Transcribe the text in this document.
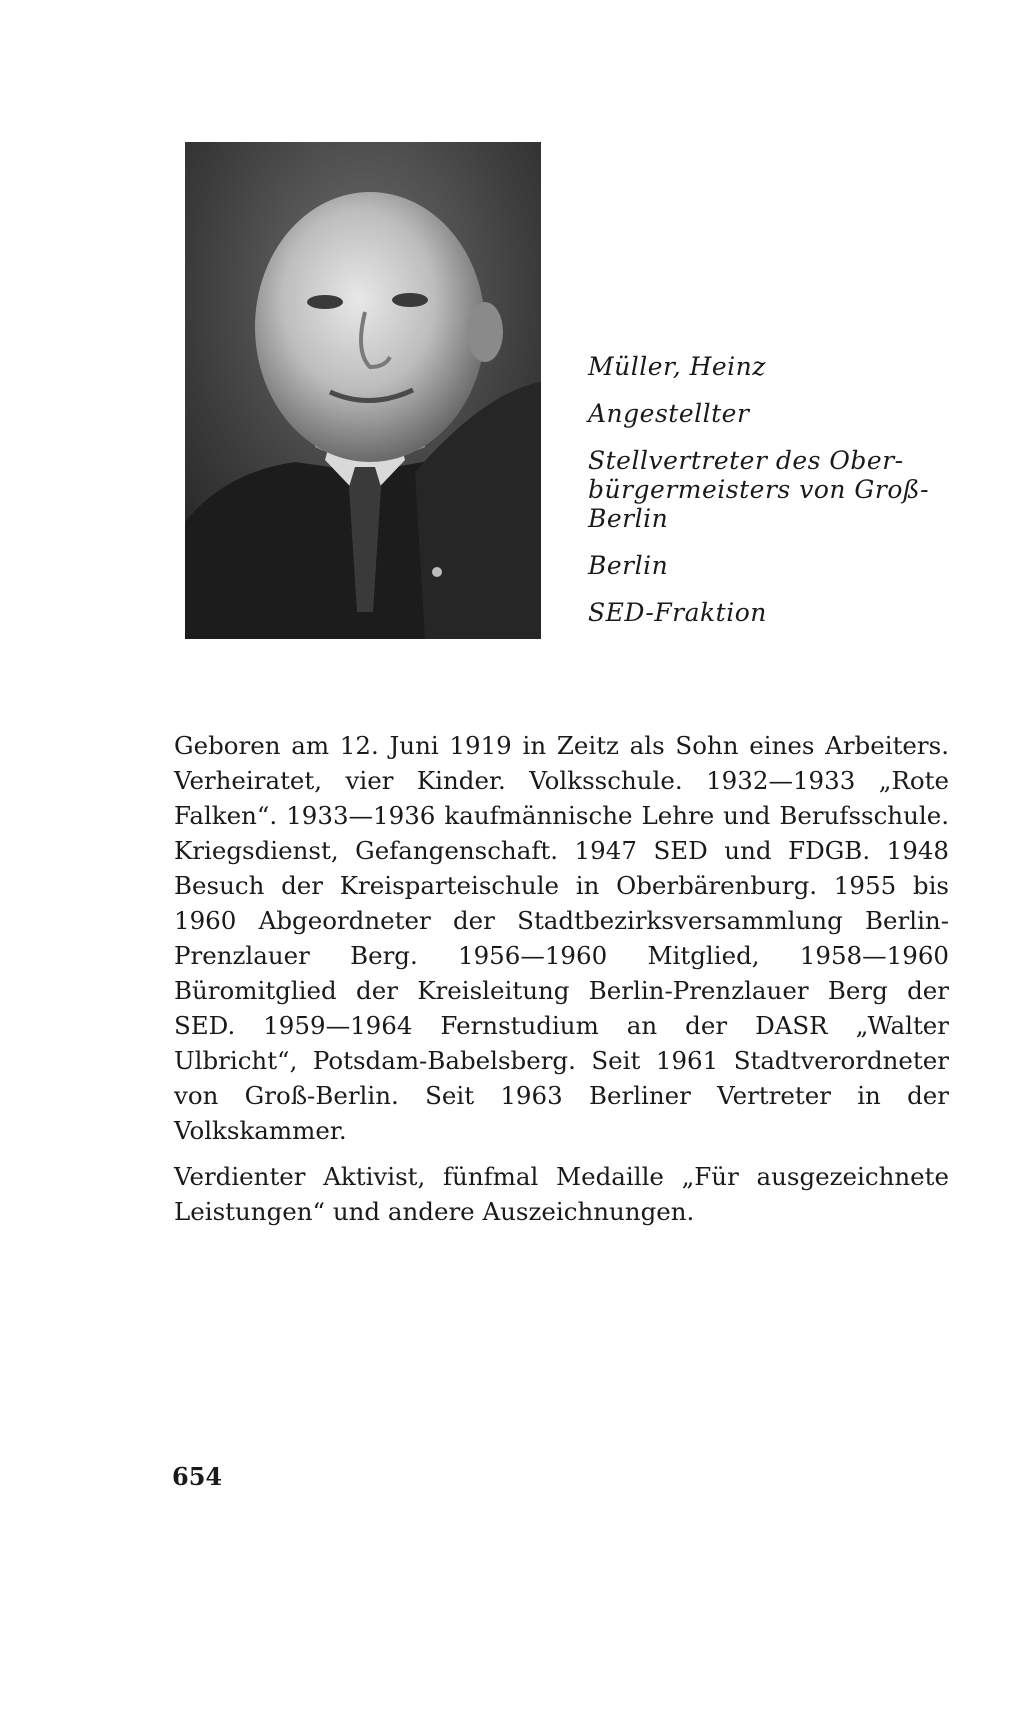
Müller, Heinz
Angestellter
Stellvertreter des Ober-
bürgermeisters von Groß-
Berlin
Berlin
SED-Fraktion

Geboren am 12. Juni 1919 in Zeitz als Sohn eines Arbeiters. Verheiratet, vier Kinder. Volksschule. 1932—1933 „Rote Falken“. 1933—1936 kaufmännische Lehre und Berufsschule. Kriegsdienst, Gefangenschaft. 1947 SED und FDGB. 1948 Besuch der Kreisparteischule in Oberbärenburg. 1955 bis 1960 Abgeordneter der Stadtbezirksversammlung Berlin-Prenzlauer Berg. 1956—1960 Mitglied, 1958—1960 Büromitglied der Kreisleitung Berlin-Prenzlauer Berg der SED. 1959—1964 Fernstudium an der DASR „Walter Ulbricht“, Potsdam-Babelsberg. Seit 1961 Stadtverordneter von Groß-Berlin. Seit 1963 Berliner Vertreter in der Volkskammer.

Verdienter Aktivist, fünfmal Medaille „Für ausgezeichnete Leistungen“ und andere Auszeichnungen.

654
